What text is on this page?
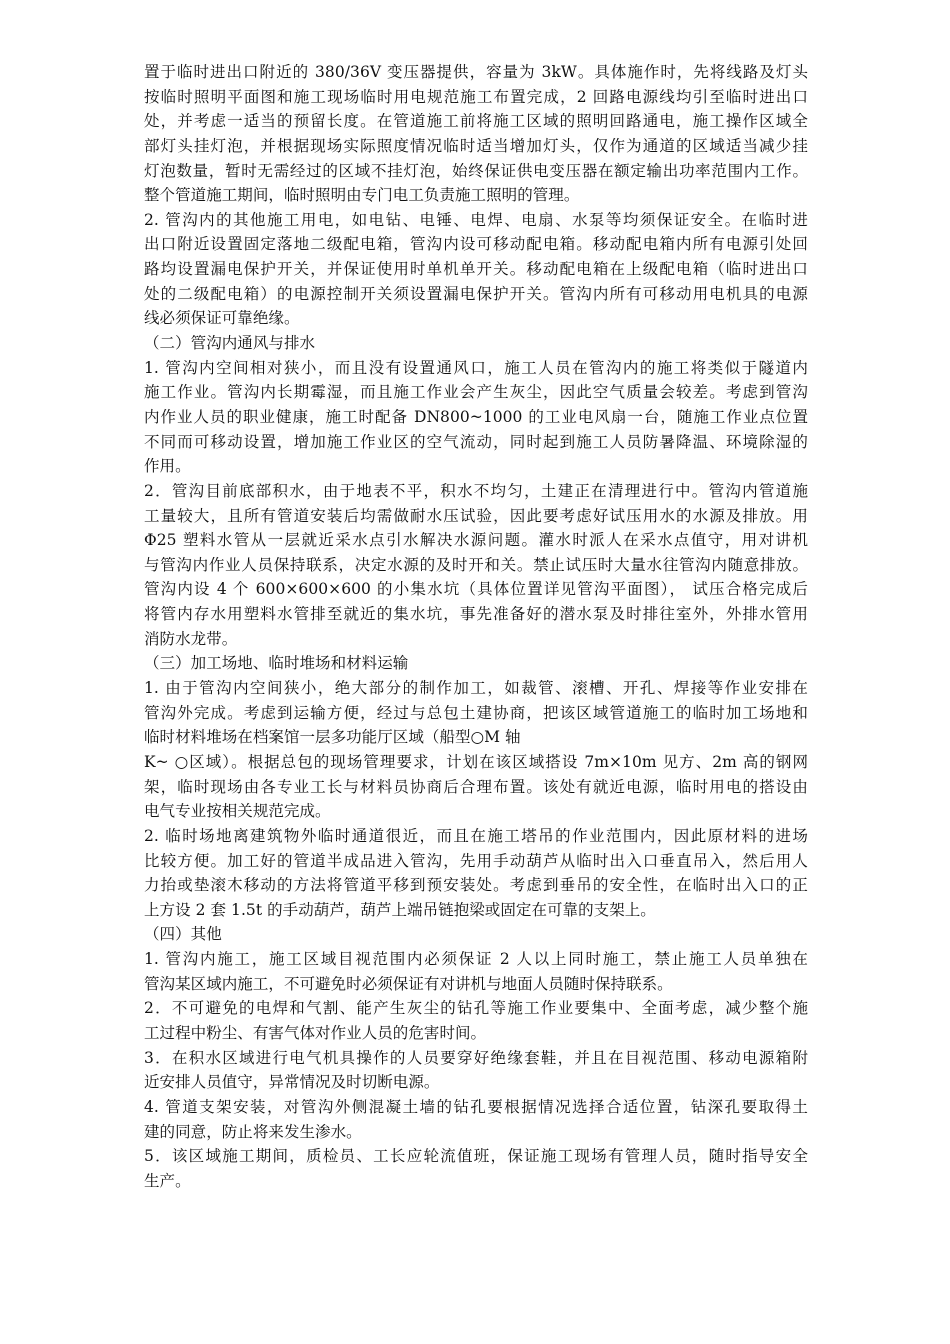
置于临时进出口附近的 380/36V 变压器提供，容量为 3kW。具体施作时，先将线路及灯头
按临时照明平面图和施工现场临时用电规范施工布置完成，2 回路电源线均引至临时进出口
处，并考虑一适当的预留长度。在管道施工前将施工区域的照明回路通电，施工操作区域全
部灯头挂灯泡，并根据现场实际照度情况临时适当增加灯头，仅作为通道的区域适当减少挂
灯泡数量，暂时无需经过的区域不挂灯泡，始终保证供电变压器在额定输出功率范围内工作。
整个管道施工期间，临时照明由专门电工负责施工照明的管理。
2. 管沟内的其他施工用电，如电钻、电锤、电焊、电扇、水泵等均须保证安全。在临时进
出口附近设置固定落地二级配电箱，管沟内设可移动配电箱。移动配电箱内所有电源引处回
路均设置漏电保护开关，并保证使用时单机单开关。移动配电箱在上级配电箱（临时进出口
处的二级配电箱）的电源控制开关须设置漏电保护开关。管沟内所有可移动用电机具的电源
线必须保证可靠绝缘。
（二）管沟内通风与排水
1. 管沟内空间相对狭小，而且没有设置通风口，施工人员在管沟内的施工将类似于隧道内
施工作业。管沟内长期霉湿，而且施工作业会产生灰尘，因此空气质量会较差。考虑到管沟
内作业人员的职业健康，施工时配备 DN800~1000 的工业电风扇一台，随施工作业点位置
不同而可移动设置，增加施工作业区的空气流动，同时起到施工人员防暑降温、环境除湿的
作用。
2．管沟目前底部积水，由于地表不平，积水不均匀，土建正在清理进行中。管沟内管道施
工量较大，且所有管道安装后均需做耐水压试验，因此要考虑好试压用水的水源及排放。用
Φ25 塑料水管从一层就近采水点引水解决水源问题。灌水时派人在采水点值守，用对讲机
与管沟内作业人员保持联系，决定水源的及时开和关。禁止试压时大量水往管沟内随意排放。
管沟内设 4 个 600×600×600 的小集水坑（具体位置详见管沟平面图）， 试压合格完成后
将管内存水用塑料水管排至就近的集水坑，事先准备好的潜水泵及时排往室外，外排水管用
消防水龙带。
（三）加工场地、临时堆场和材料运输
1. 由于管沟内空间狭小，绝大部分的制作加工，如裁管、滚槽、开孔、焊接等作业安排在
管沟外完成。考虑到运输方便，经过与总包土建协商，把该区域管道施工的临时加工场地和
临时材料堆场在档案馆一层多功能厅区域（船型○M 轴
K~ ○区域）。根据总包的现场管理要求，计划在该区域搭设 7m×10m 见方、2m 高的钢网
架，临时现场由各专业工长与材料员协商后合理布置。该处有就近电源，临时用电的搭设由
电气专业按相关规范完成。
2. 临时场地离建筑物外临时通道很近，而且在施工塔吊的作业范围内，因此原材料的进场
比较方便。加工好的管道半成品进入管沟，先用手动葫芦从临时出入口垂直吊入，然后用人
力抬或垫滚木移动的方法将管道平移到预安装处。考虑到垂吊的安全性，在临时出入口的正
上方设 2 套 1.5t 的手动葫芦，葫芦上端吊链抱梁或固定在可靠的支架上。
（四）其他
1. 管沟内施工，施工区域目视范围内必须保证 2 人以上同时施工，禁止施工人员单独在
管沟某区域内施工，不可避免时必须保证有对讲机与地面人员随时保持联系。
2．不可避免的电焊和气割、能产生灰尘的钻孔等施工作业要集中、全面考虑，减少整个施
工过程中粉尘、有害气体对作业人员的危害时间。
3．在积水区域进行电气机具操作的人员要穿好绝缘套鞋，并且在目视范围、移动电源箱附
近安排人员值守，异常情况及时切断电源。
4. 管道支架安装，对管沟外侧混凝土墙的钻孔要根据情况选择合适位置，钻深孔要取得土
建的同意，防止将来发生渗水。
5．该区域施工期间，质检员、工长应轮流值班，保证施工现场有管理人员，随时指导安全
生产。
